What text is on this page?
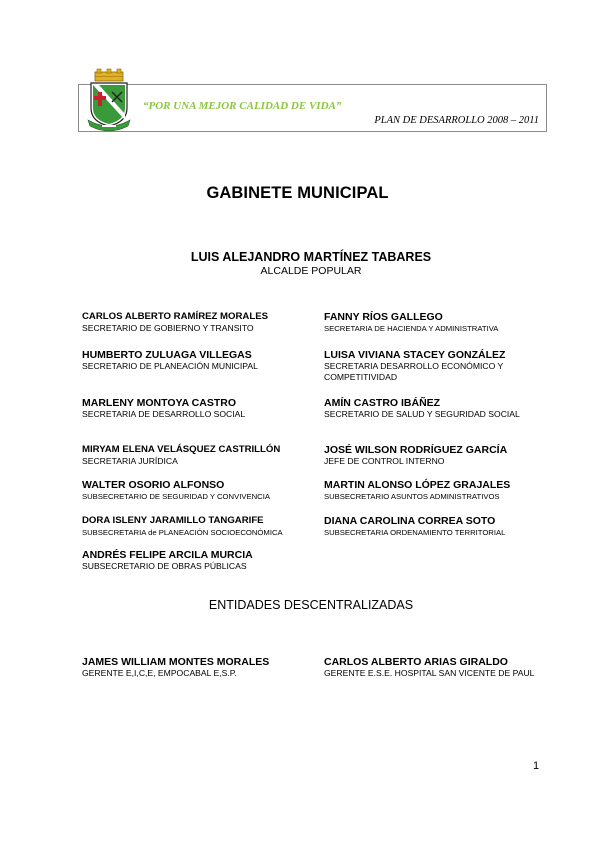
“POR UNA MEJOR CALIDAD DE VIDA”
PLAN DE DESARROLLO 2008 – 2011
GABINETE MUNICIPAL
LUIS ALEJANDRO MARTÍNEZ TABARES
ALCALDE POPULAR
CARLOS ALBERTO RAMÍREZ MORALES
SECRETARIO DE GOBIERNO Y TRANSITO
FANNY RÍOS GALLEGO
SECRETARIA DE HACIENDA Y ADMINISTRATIVA
HUMBERTO ZULUAGA VILLEGAS
SECRETARIO DE PLANEACIÓN MUNICIPAL
LUISA VIVIANA STACEY GONZÁLEZ
SECRETARIA DESARROLLO ECONÓMICO Y COMPETITIVIDAD
MARLENY MONTOYA CASTRO
SECRETARIA DE DESARROLLO SOCIAL
AMÍN CASTRO IBÁÑEZ
SECRETARIO DE SALUD Y SEGURIDAD SOCIAL
MIRYAM ELENA VELÁSQUEZ CASTRILLÓN
SECRETARIA JURÍDICA
JOSÉ WILSON RODRÍGUEZ GARCÍA
JEFE DE CONTROL INTERNO
WALTER OSORIO ALFONSO
SUBSECRETARIO DE SEGURIDAD Y CONVIVENCIA
MARTIN ALONSO LÓPEZ GRAJALES
SUBSECRETARIO ASUNTOS ADMINISTRATIVOS
DORA ISLENY JARAMILLO TANGARIFE
SUBSECRETARIA de PLANEACIÓN SOCIOECONÓMICA
DIANA CAROLINA CORREA SOTO
SUBSECRETARIA ORDENAMIENTO TERRITORIAL
ANDRÉS FELIPE ARCILA MURCIA
SUBSECRETARIO DE OBRAS PÚBLICAS
ENTIDADES DESCENTRALIZADAS
JAMES WILLIAM MONTES MORALES
GERENTE E,I,C,E, EMPOCABAL E,S.P.
CARLOS ALBERTO ARIAS GIRALDO
GERENTE E.S.E. HOSPITAL SAN VICENTE DE PAUL
1
